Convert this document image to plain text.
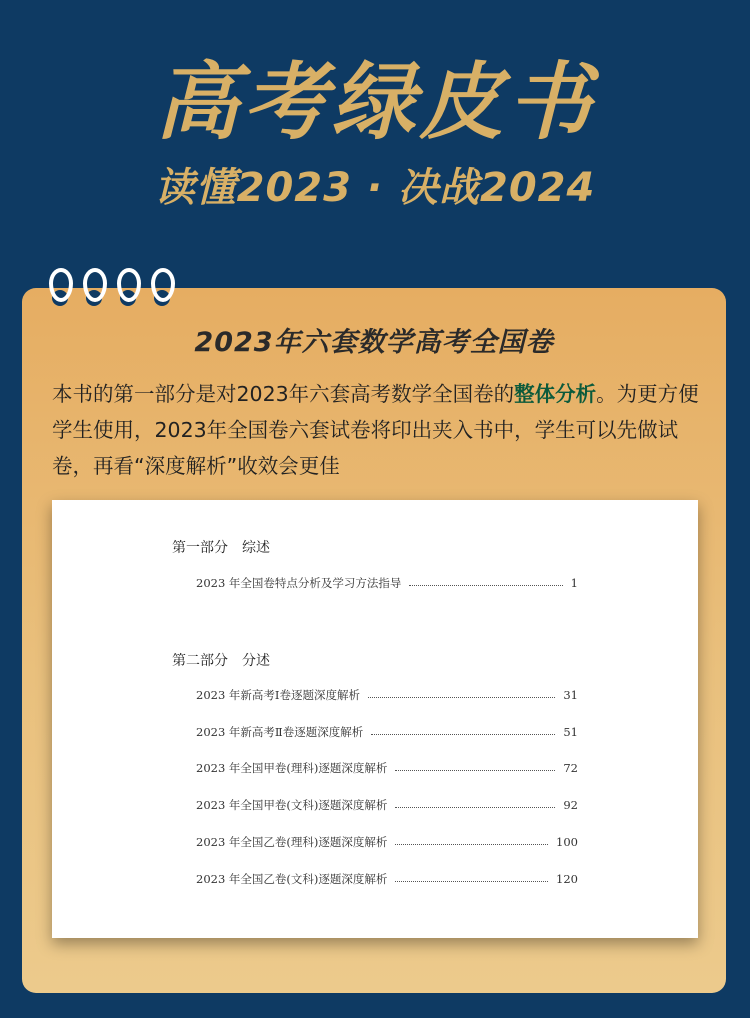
高考绿皮书
读懂2023 · 决战2024
2023年六套数学高考全国卷
本书的第一部分是对2023年六套高考数学全国卷的整体分析。为更方便学生使用，2023年全国卷六套试卷将印出夹入书中，学生可以先做试卷，再看“深度解析”收效会更佳
第一部分　综述
2023 年全国卷特点分析及学习方法指导	1
第二部分　分述
2023 年新高考Ⅰ卷逐题深度解析	31
2023 年新高考Ⅱ卷逐题深度解析	51
2023 年全国甲卷(理科)逐题深度解析	72
2023 年全国甲卷(文科)逐题深度解析	92
2023 年全国乙卷(理科)逐题深度解析	100
2023 年全国乙卷(文科)逐题深度解析	120
